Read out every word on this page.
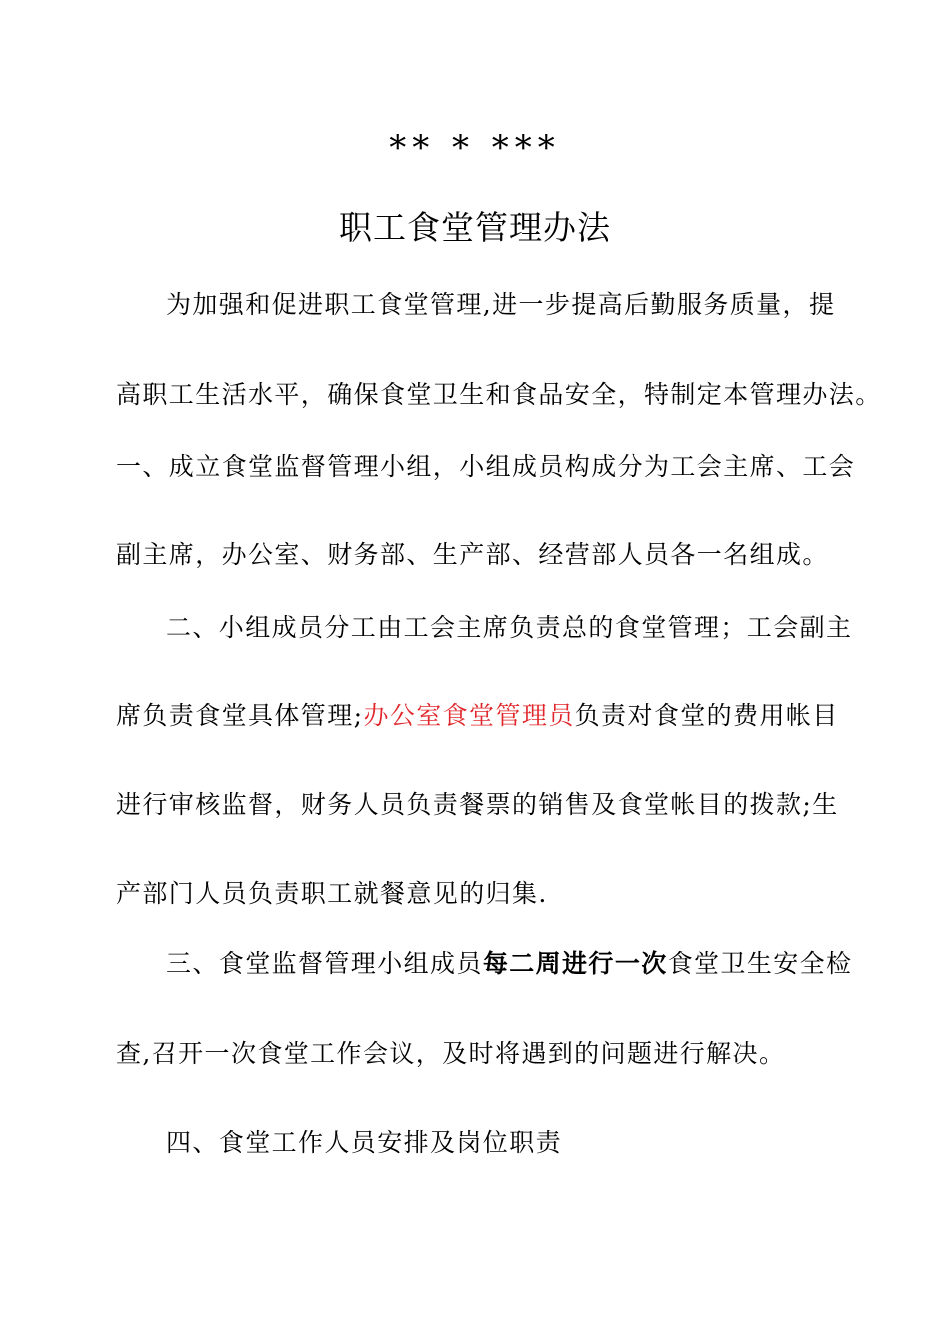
** * ***
职工食堂管理办法
为加强和促进职工食堂管理,进一步提高后勤服务质量，提
高职工生活水平，确保食堂卫生和食品安全，特制定本管理办法。
一、成立食堂监督管理小组，小组成员构成分为工会主席、工会
副主席，办公室、财务部、生产部、经营部人员各一名组成。
二、小组成员分工由工会主席负责总的食堂管理；工会副主
席负责食堂具体管理;办公室食堂管理员负责对食堂的费用帐目
进行审核监督，财务人员负责餐票的销售及食堂帐目的拨款;生
产部门人员负责职工就餐意见的归集.
三、食堂监督管理小组成员每二周进行一次食堂卫生安全检
查,召开一次食堂工作会议，及时将遇到的问题进行解决。
四、食堂工作人员安排及岗位职责
